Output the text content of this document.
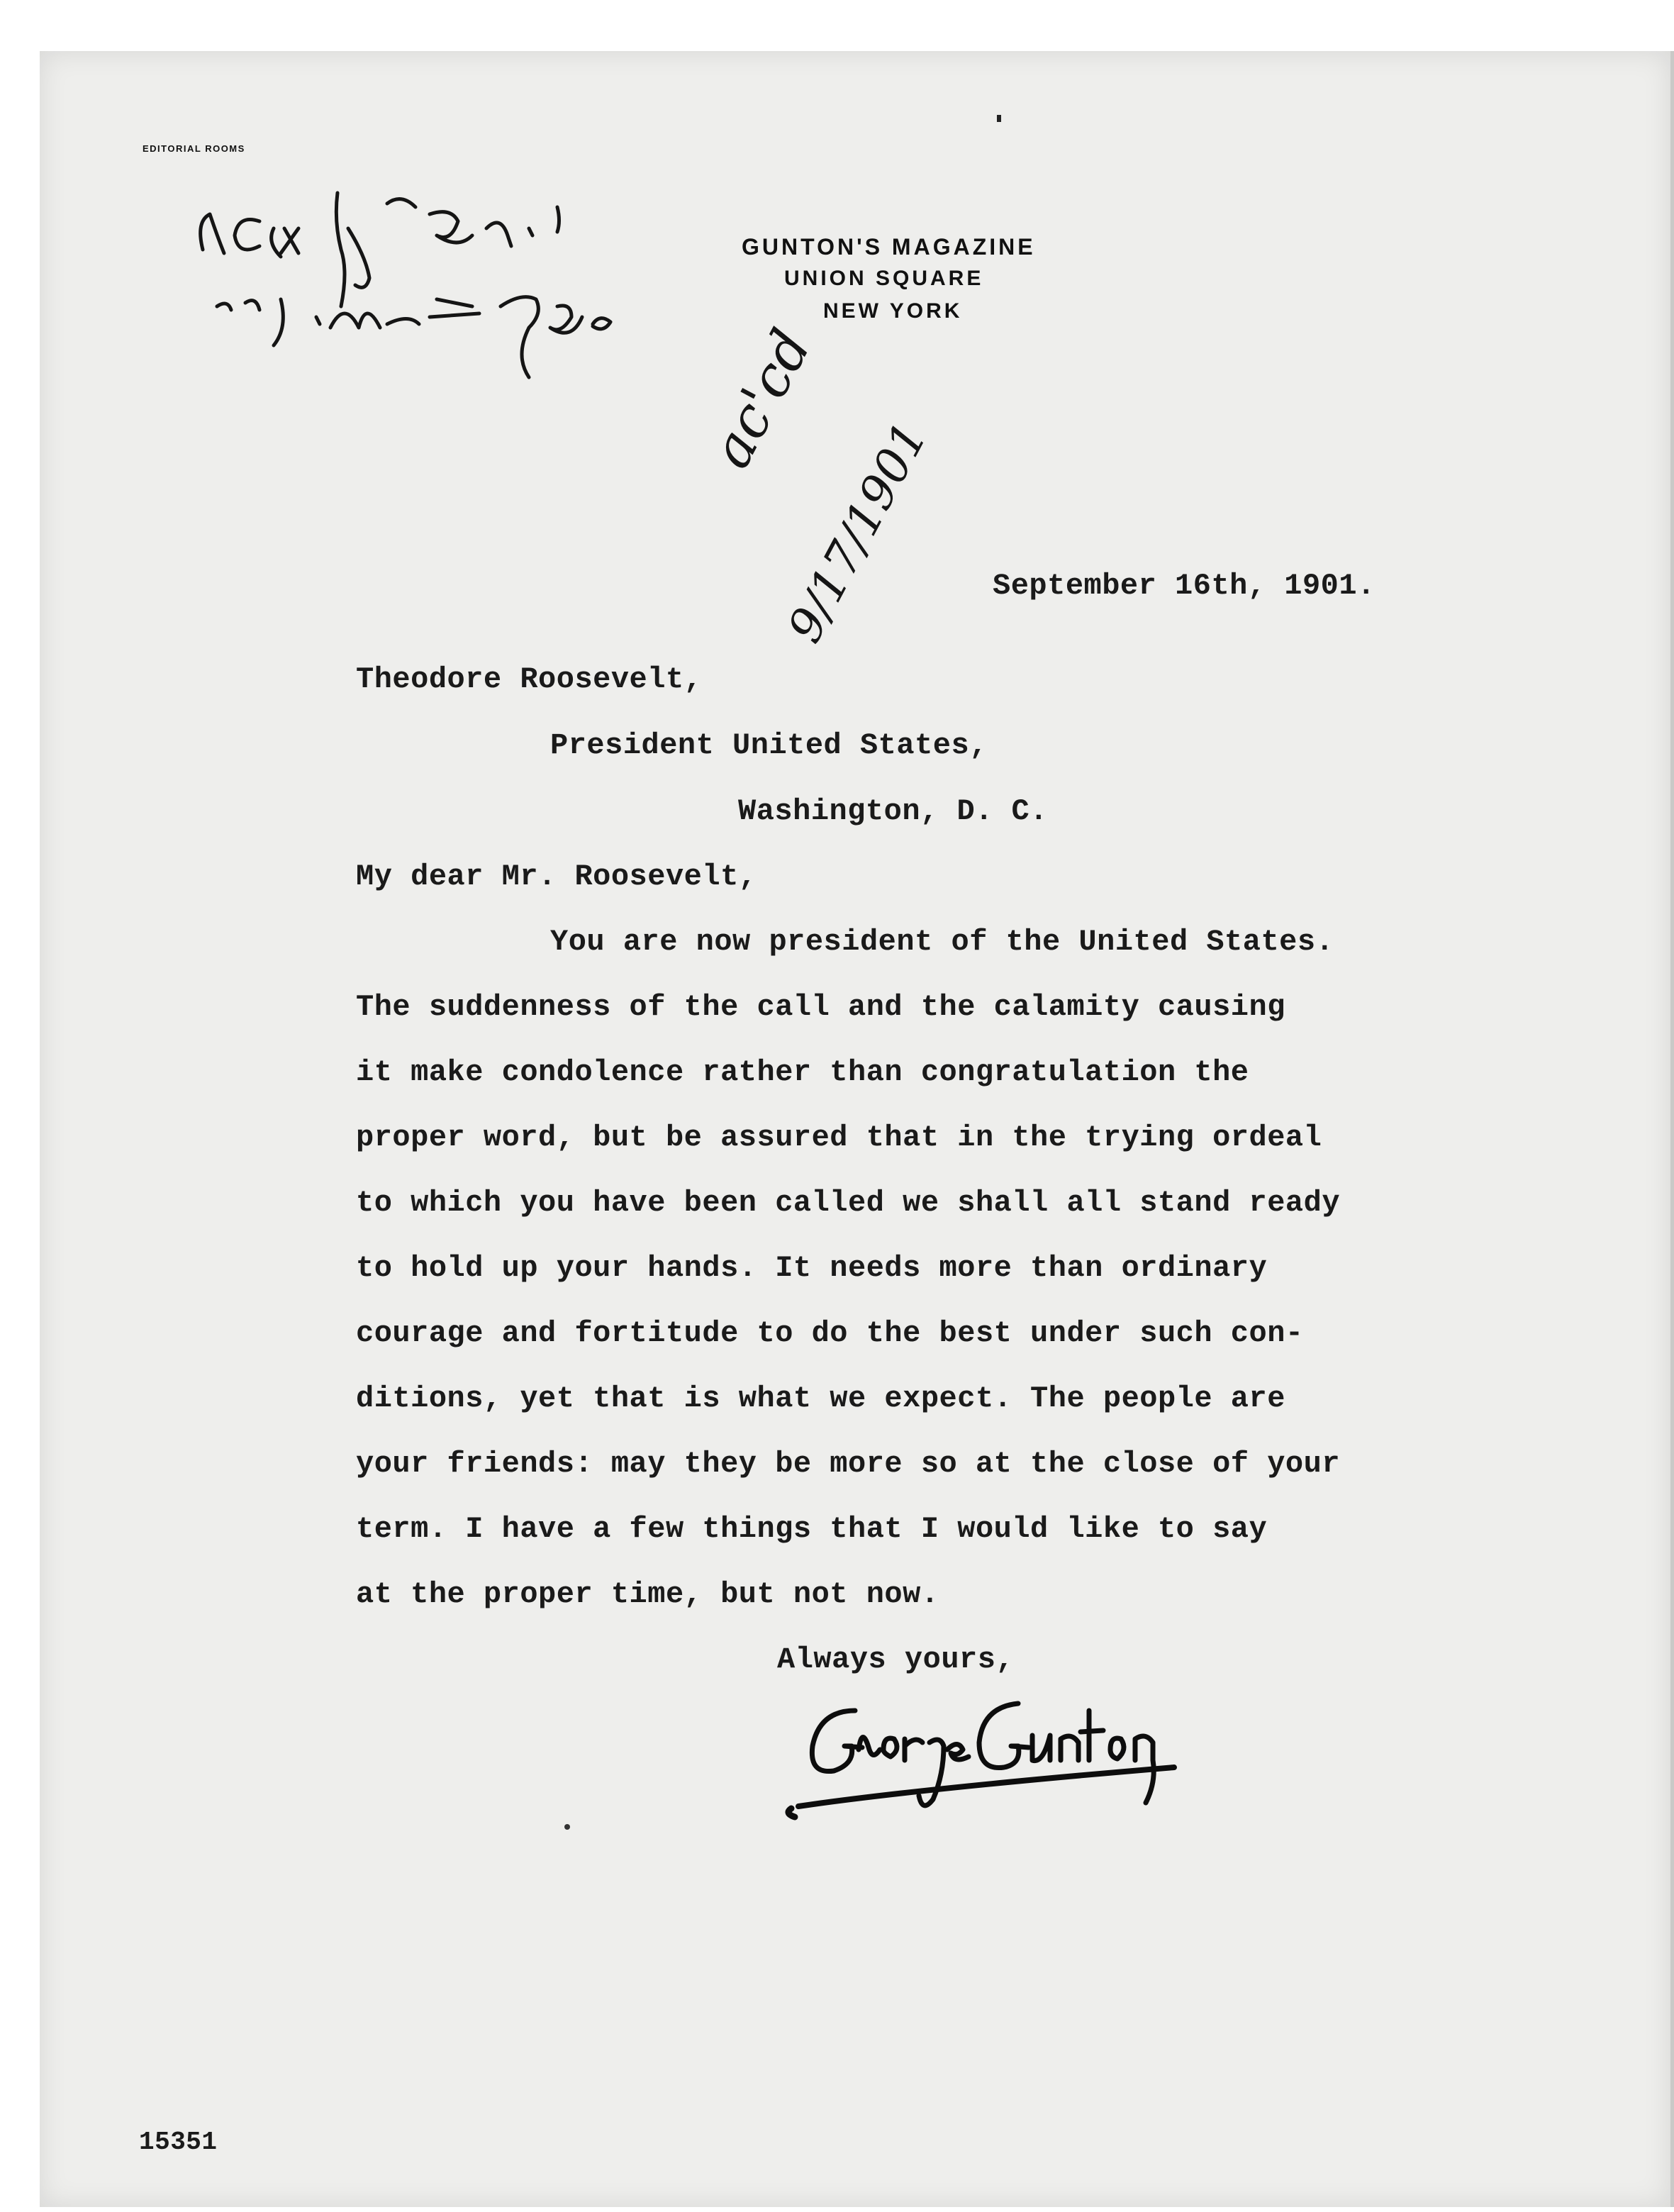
EDITORIAL ROOMS
GUNTON'S MAGAZINE
UNION SQUARE
NEW YORK
ac'cd
9/17/1901 September 16th, 1901.
Theodore Roosevelt,
President United States,
Washington, D. C.
My dear Mr. Roosevelt,
You are now president of the United States.
The suddenness of the call and the calamity causing
it make condolence rather than congratulation the
proper word, but be assured that in the trying ordeal
to which you have been called we shall all stand ready
to hold up your hands. It needs more than ordinary
courage and fortitude to do the best under such con-
ditions, yet that is what we expect. The people are
your friends: may they be more so at the close of your
term. I have a few things that I would like to say
at the proper time, but not now.
Always yours,
15351
